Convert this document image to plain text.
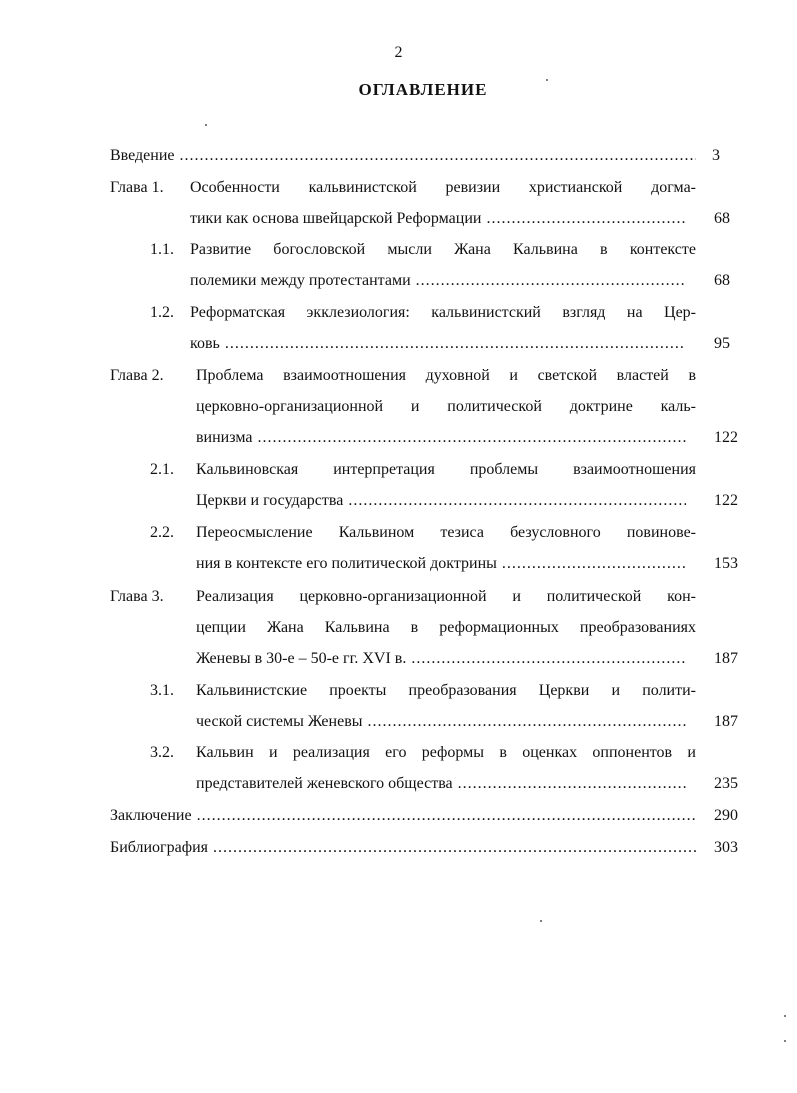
2
ОГЛАВЛЕНИЕ
Введение .....	3
Глава 1. Особенности кальвинистской ревизии христианской догма-
тики как основа швейцарской Реформации .....	68
1.1. Развитие богословской мысли Жана Кальвина в контексте
полемики между протестантами .....	68
1.2. Реформатская экклезиология: кальвинистский взгляд на Цер-
ковь .....	95
Глава 2. Проблема взаимоотношения духовной и светской властей в
церковно-организационной и политической доктрине каль-
винизма .....	122
2.1. Кальвиновская интерпретация проблемы взаимоотношения
Церкви и государства .....	122
2.2. Переосмысление Кальвином тезиса безусловного повинове-
ния в контексте его политической доктрины .....	153
Глава 3. Реализация церковно-организационной и политической кон-
цепции Жана Кальвина в реформационных преобразованиях
Женевы в 30-е – 50-е гг. XVI в. .....	187
3.1. Кальвинистские проекты преобразования Церкви и полити-
ческой системы Женевы .....	187
3.2. Кальвин и реализация его реформы в оценках оппонентов и
представителей женевского общества .....	235
Заключение .....	290
Библиография .....	303
